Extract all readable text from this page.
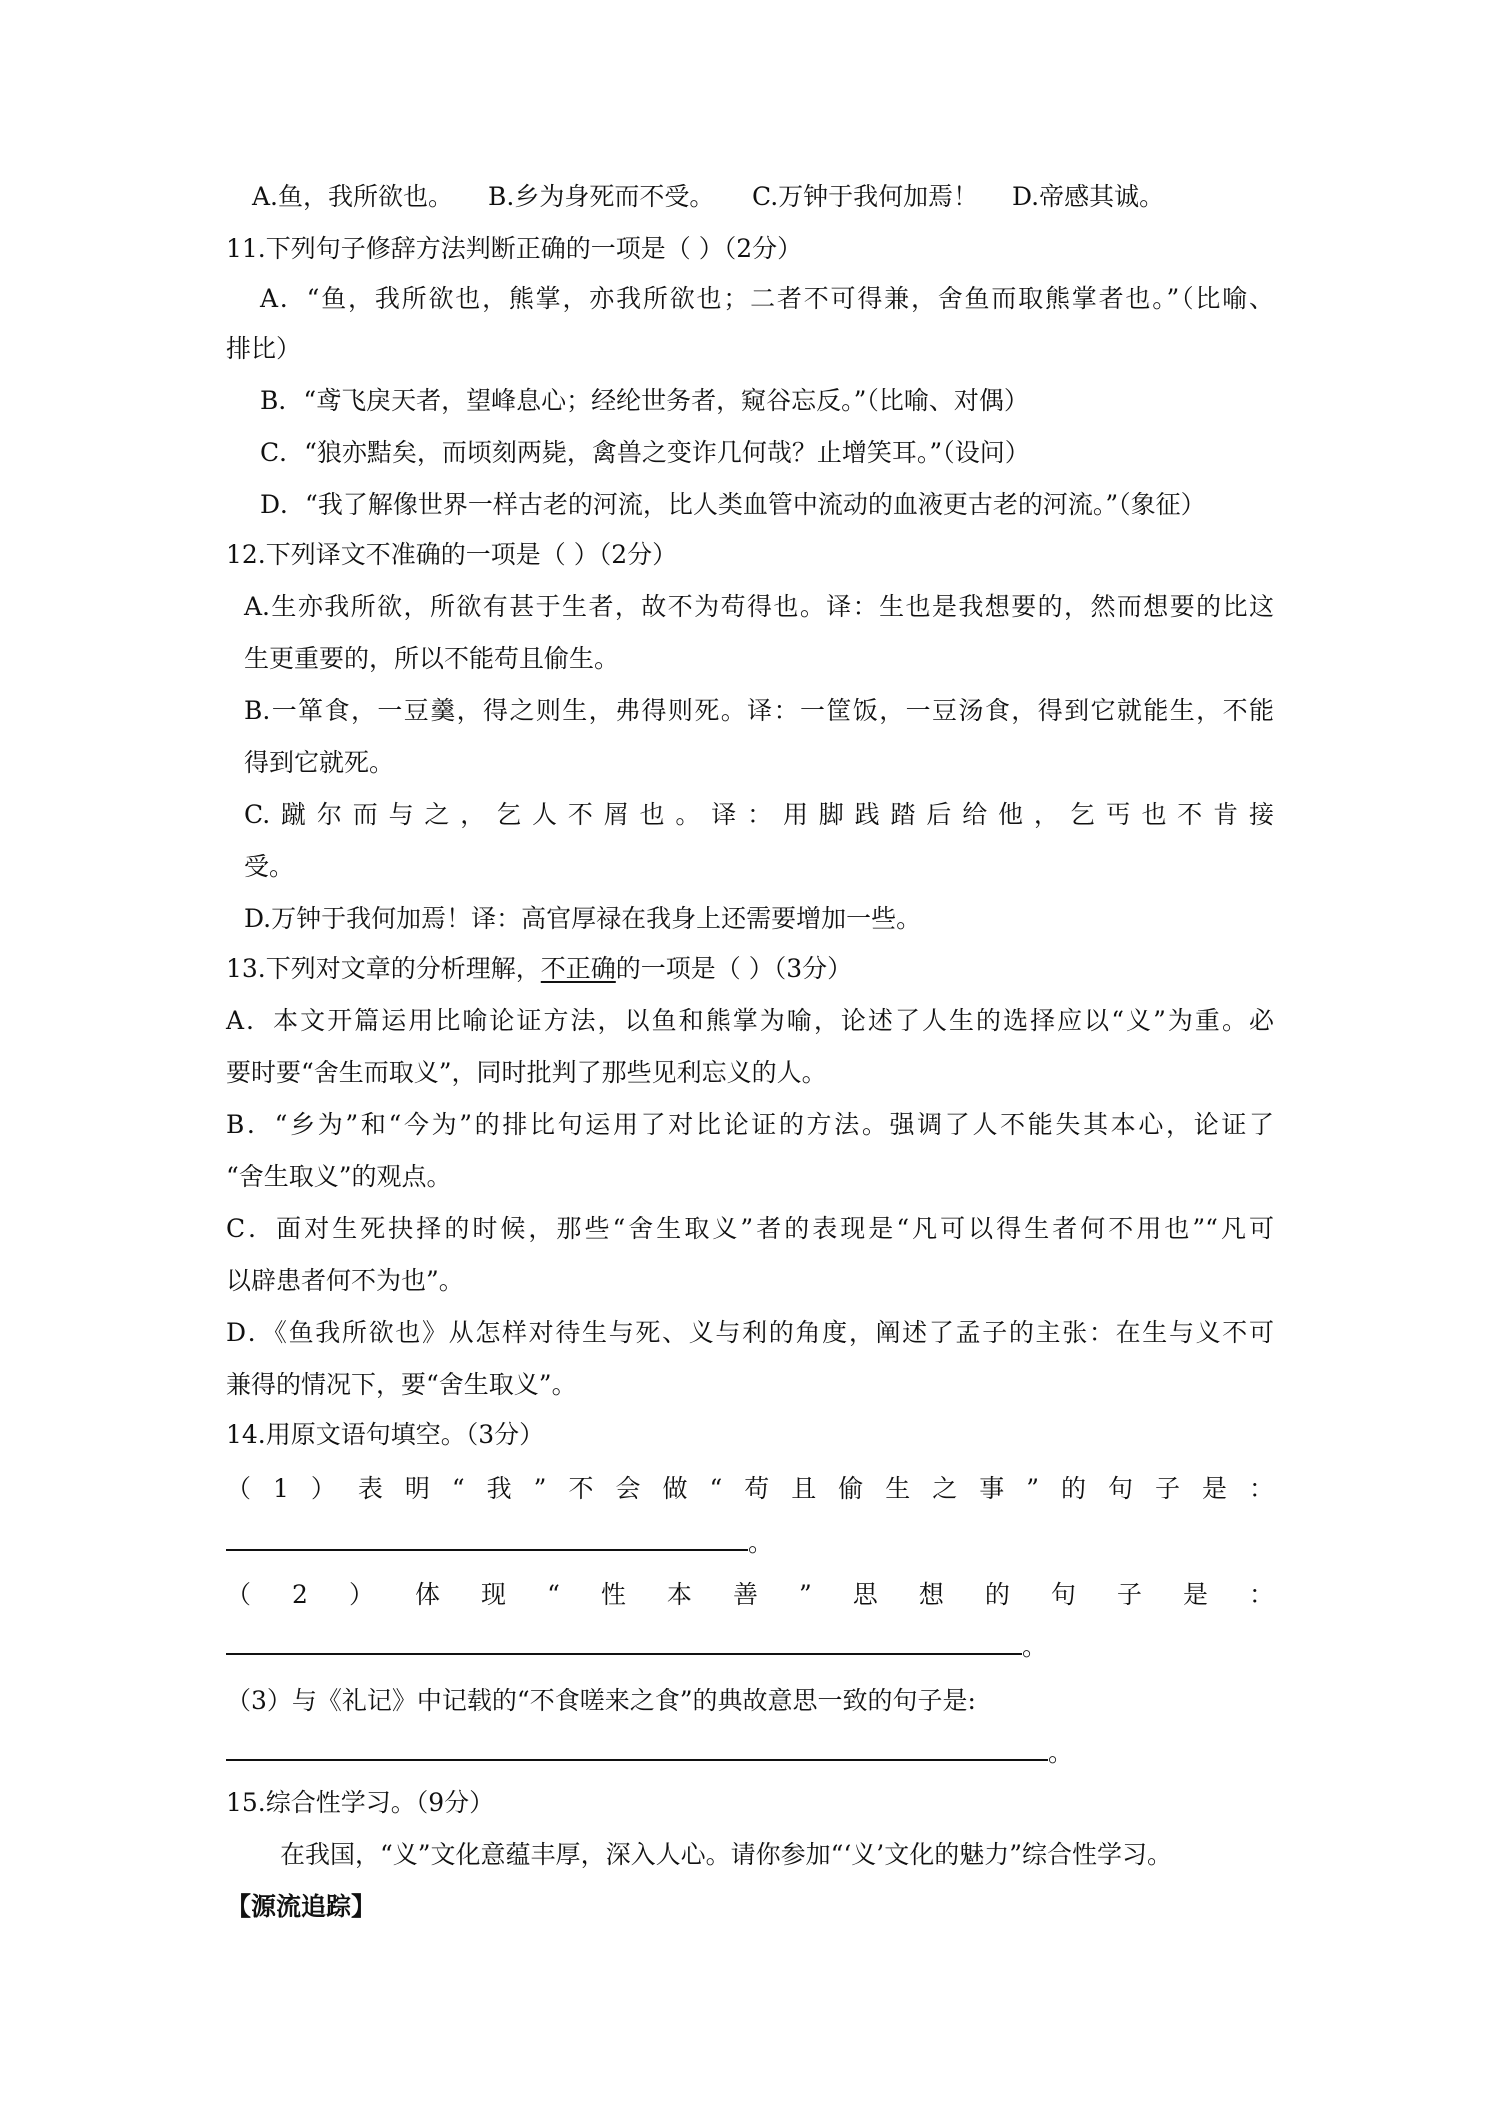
A.鱼，我所欲也。 B.乡为身死而不受。 C.万钟于我何加焉！ D.帝感其诚。
11.下列句子修辞方法判断正确的一项是（ ）（2分）
A．“鱼，我所欲也，熊掌，亦我所欲也；二者不可得兼，舍鱼而取熊掌者也。”（比喻、
排比）
B．“鸢飞戾天者，望峰息心；经纶世务者，窥谷忘反。”（比喻、对偶）
C．“狼亦黠矣，而顷刻两毙，禽兽之变诈几何哉？止增笑耳。”（设问）
D．“我了解像世界一样古老的河流，比人类血管中流动的血液更古老的河流。”（象征）
12.下列译文不准确的一项是（ ）（2分）
A.生亦我所欲，所欲有甚于生者，故不为苟得也。译：生也是我想要的，然而想要的比这
生更重要的，所以不能苟且偷生。
B.一箪食，一豆羹，得之则生，弗得则死。译：一筐饭，一豆汤食，得到它就能生，不能
得到它就死。
C.蹴尔而与之，乞人不屑也。译：用脚践踏后给他，乞丐也不肯接
受。
D.万钟于我何加焉！译：高官厚禄在我身上还需要增加一些。
13.下列对文章的分析理解，不正确的一项是（ ）（3分）
A．本文开篇运用比喻论证方法，以鱼和熊掌为喻，论述了人生的选择应以“义”为重。必
要时要“舍生而取义”，同时批判了那些见利忘义的人。
B．“乡为”和“今为”的排比句运用了对比论证的方法。强调了人不能失其本心，论证了
“舍生取义”的观点。
C．面对生死抉择的时候，那些“舍生取义”者的表现是“凡可以得生者何不用也”“凡可
以辟患者何不为也”。
D．《鱼我所欲也》从怎样对待生与死、义与利的角度，阐述了孟子的主张：在生与义不可
兼得的情况下，要“舍生取义”。
14.用原文语句填空。（3分）
（1）表明“我”不会做“苟且偷生之事”的句子是：
。
（2）体现“性本善”思想的句子是：
。
（3）与《礼记》中记载的“不食嗟来之食”的典故意思一致的句子是:
。
15.综合性学习。（9分）
在我国，“义”文化意蕴丰厚，深入人心。请你参加“‘义’文化的魅力”综合性学习。
【源流追踪】
